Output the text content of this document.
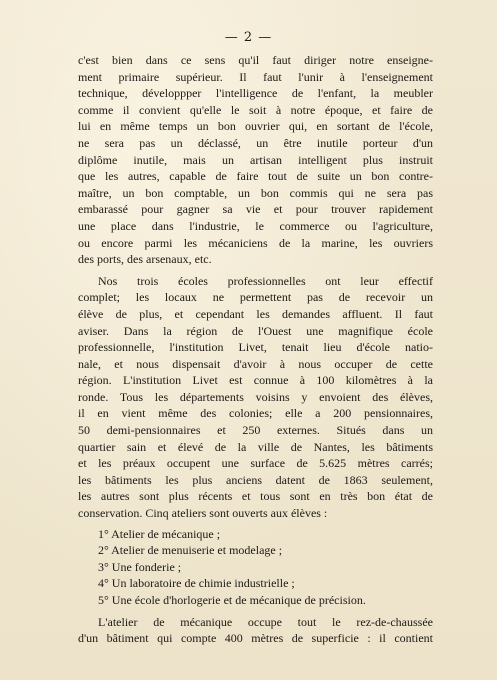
— 2 —
c'est bien dans ce sens qu'il faut diriger notre enseigne-
ment primaire supérieur. Il faut l'unir à l'enseignement
technique, développper l'intelligence de l'enfant, la meubler
comme il convient qu'elle le soit à notre époque, et faire de
lui en même temps un bon ouvrier qui, en sortant de l'école,
ne sera pas un déclassé, un être inutile porteur d'un
diplôme inutile, mais un artisan intelligent plus instruit
que les autres, capable de faire tout de suite un bon contre-
maître, un bon comptable, un bon commis qui ne sera pas
embarassé pour gagner sa vie et pour trouver rapidement
une place dans l'industrie, le commerce ou l'agriculture,
ou encore parmi les mécaniciens de la marine, les ouvriers
des ports, des arsenaux, etc.
Nos trois écoles professionnelles ont leur effectif
complet; les locaux ne permettent pas de recevoir un
élève de plus, et cependant les demandes affluent. Il faut
aviser. Dans la région de l'Ouest une magnifique école
professionnelle, l'institution Livet, tenait lieu d'école natio-
nale, et nous dispensait d'avoir à nous occuper de cette
région. L'institution Livet est connue à 100 kilomètres à la
ronde. Tous les départements voisins y envoient des élèves,
il en vient même des colonies; elle a 200 pensionnaires,
50 demi-pensionnaires et 250 externes. Situés dans un
quartier sain et élevé de la ville de Nantes, les bâtiments
et les préaux occupent une surface de 5.625 mètres carrés;
les bâtiments les plus anciens datent de 1863 seulement,
les autres sont plus récents et tous sont en très bon état de
conservation. Cinq ateliers sont ouverts aux élèves :
1° Atelier de mécanique ;
2° Atelier de menuiserie et modelage ;
3° Une fonderie ;
4° Un laboratoire de chimie industrielle ;
5° Une école d'horlogerie et de mécanique de précision.
L'atelier de mécanique occupe tout le rez-de-chaussée
d'un bâtiment qui compte 400 mètres de superficie : il contient
